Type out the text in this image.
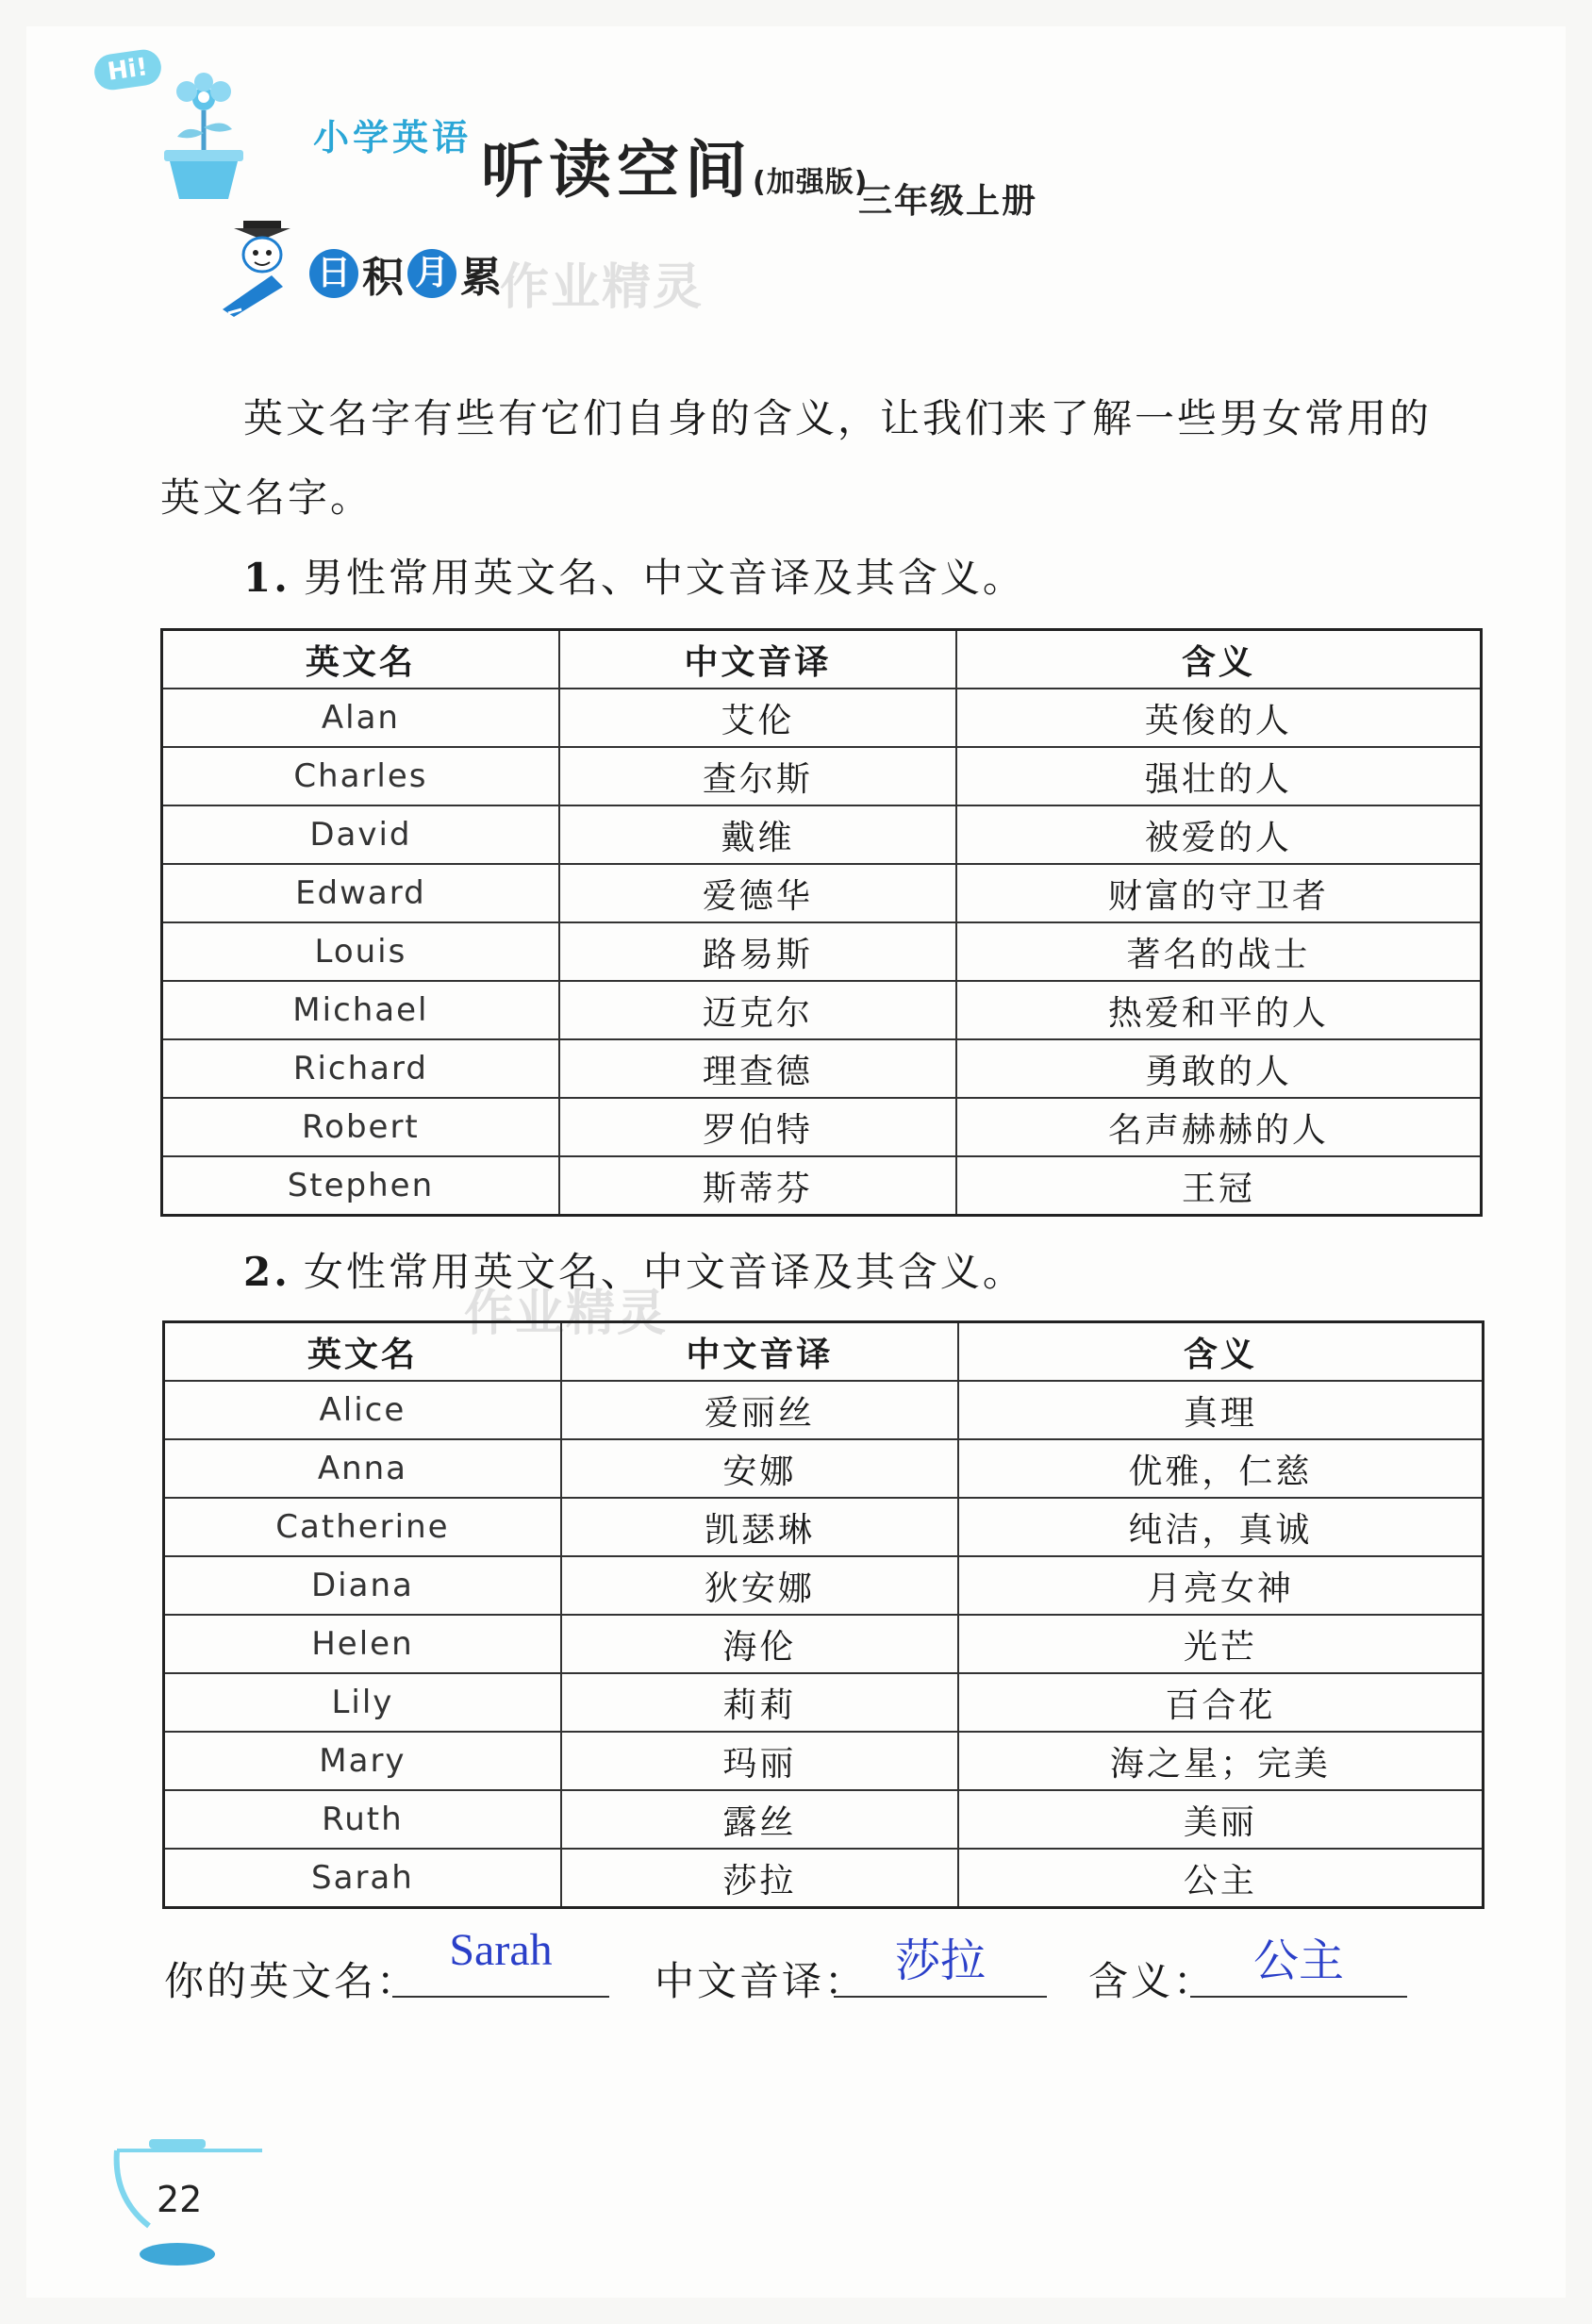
Hi!
小学英语 听读空间(加强版)
三年级上册
日 积 月 累
作业精灵
英文名字有些有它们自身的含义，让我们来了解一些男女常用的
英文名字。
1. 男性常用英文名、中文音译及其含义。
英文名	中文音译	含义
Alan	艾伦	英俊的人
Charles	查尔斯	强壮的人
David	戴维	被爱的人
Edward	爱德华	财富的守卫者
Louis	路易斯	著名的战士
Michael	迈克尔	热爱和平的人
Richard	理查德	勇敢的人
Robert	罗伯特	名声赫赫的人
Stephen	斯蒂芬	王冠
2. 女性常用英文名、中文音译及其含义。
作业精灵
英文名	中文音译	含义
Alice	爱丽丝	真理
Anna	安娜	优雅，仁慈
Catherine	凯瑟琳	纯洁，真诚
Diana	狄安娜	月亮女神
Helen	海伦	光芒
Lily	莉莉	百合花
Mary	玛丽	海之星；完美
Ruth	露丝	美丽
Sarah	莎拉	公主
你的英文名：
Sarah
中文音译： 莎拉	含义： 公主
22
